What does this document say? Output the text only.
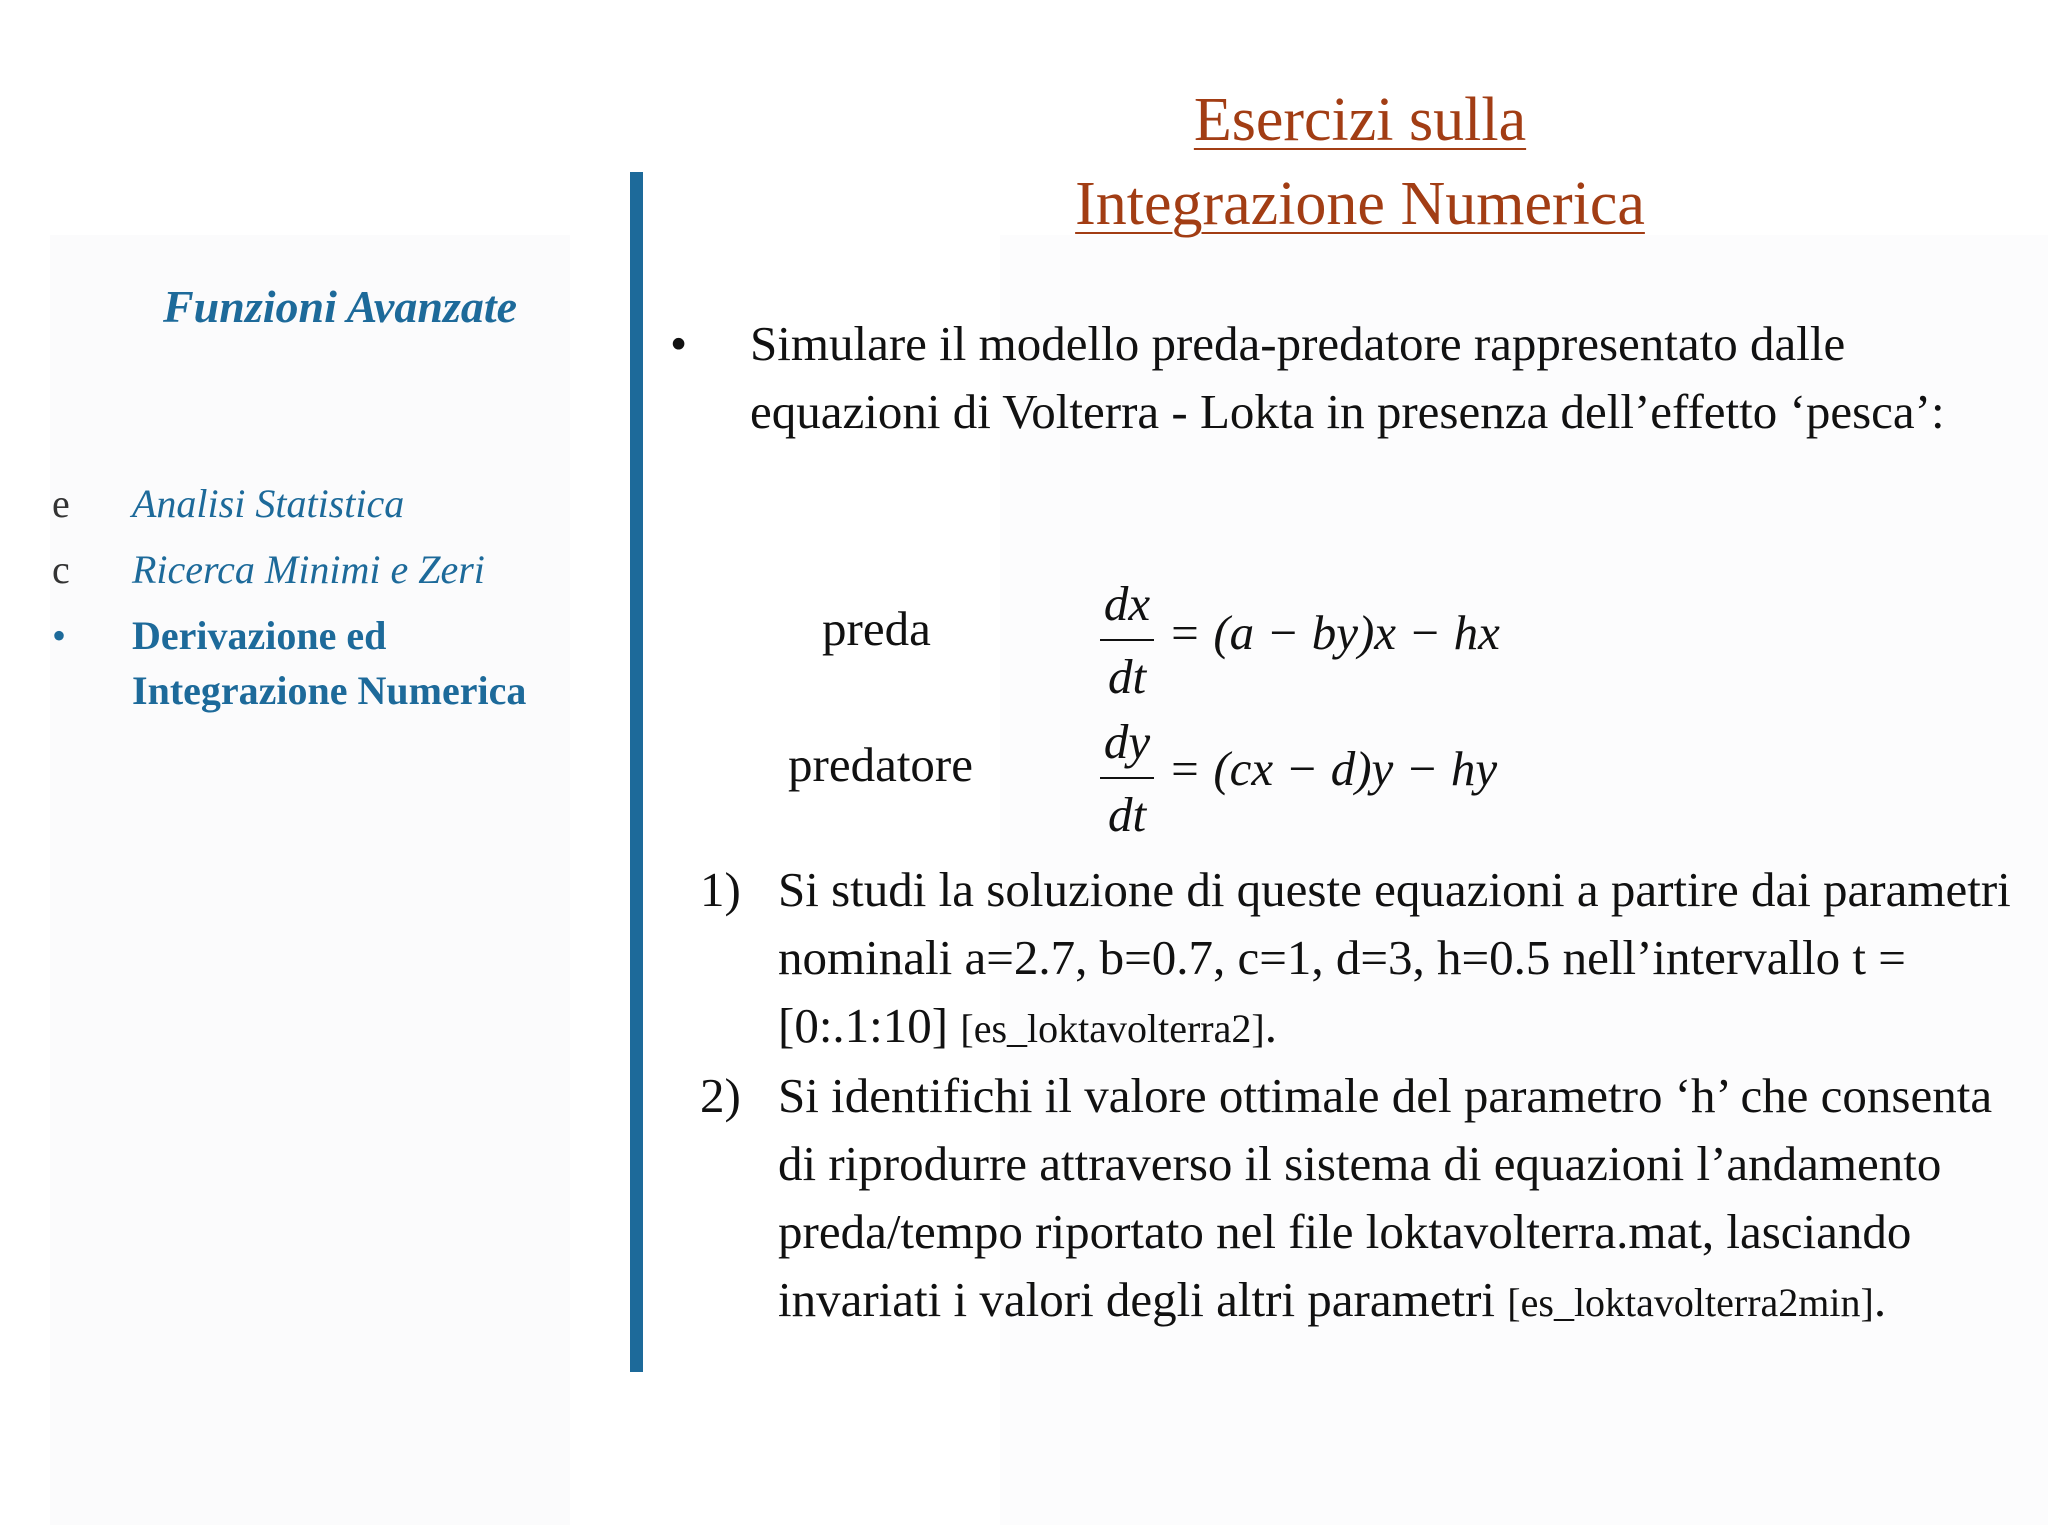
Esercizi sulla
Integrazione Numerica
Funzioni Avanzate
e Analisi Statistica
c Ricerca Minimi e Zeri
• Derivazione ed
Integrazione Numerica
• Simulare il modello preda-predatore rappresentato dalle equazioni di Volterra - Lokta in presenza dell’effetto ‘pesca’:
preda	dx
dt
= (a − by)x − hx
predatore	dy
dt
= (cx − d)y − hy
1) Si studi la soluzione di queste equazioni a partire dai parametri nominali a=2.7, b=0.7, c=1, d=3, h=0.5 nell’intervallo t = [0:.1:10] [es_loktavolterra2].
2) Si identifichi il valore ottimale del parametro ‘h’ che consenta di riprodurre attraverso il sistema di equazioni l’andamento preda/tempo riportato nel file loktavolterra.mat, lasciando invariati i valori degli altri parametri [es_loktavolterra2min].
